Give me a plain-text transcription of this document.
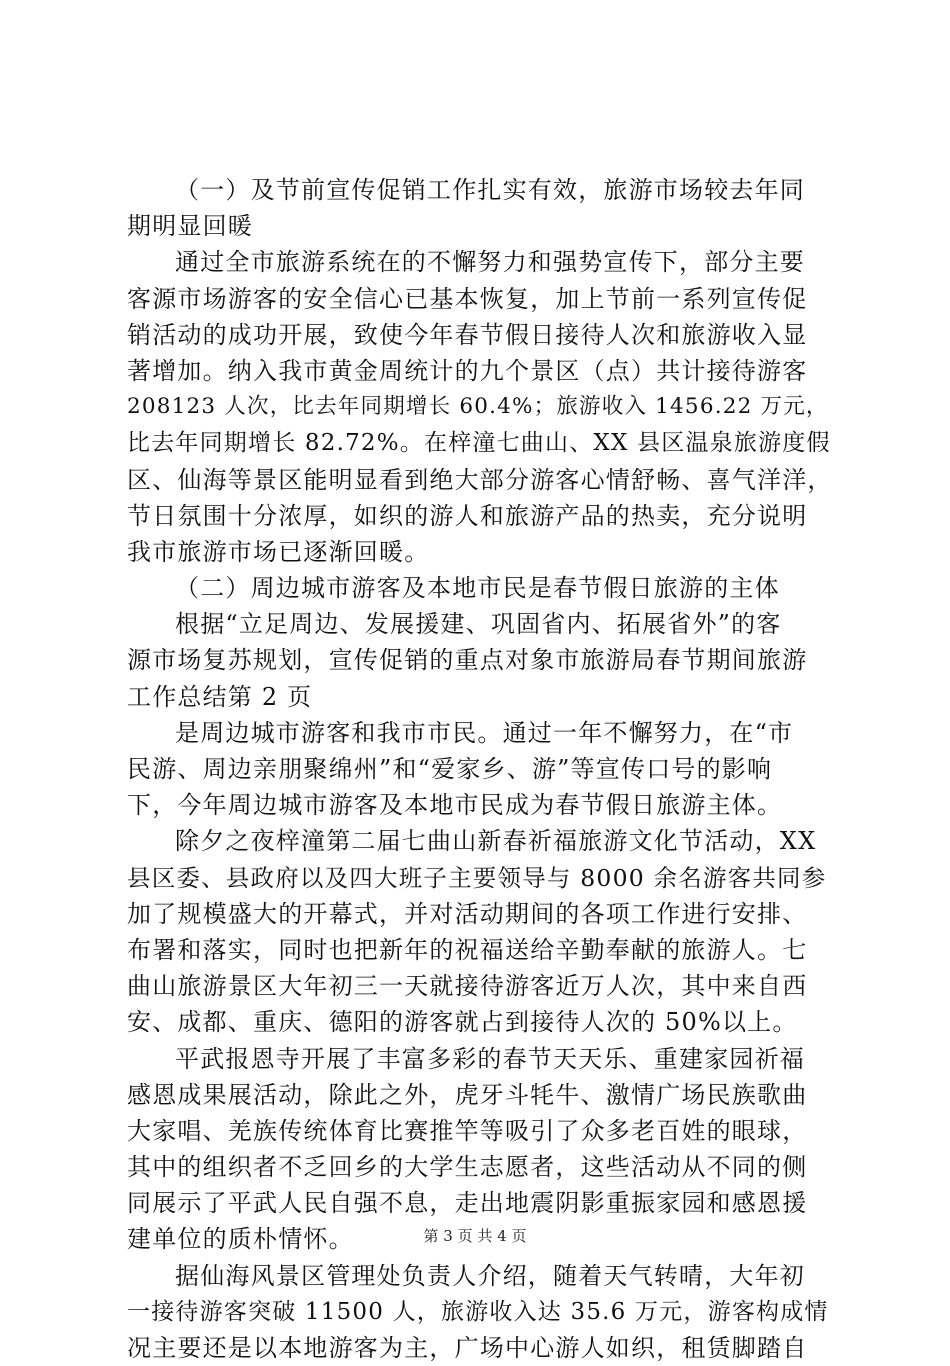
（一）及节前宣传促销工作扎实有效，旅游市场较去年同
期明显回暖
通过全市旅游系统在的不懈努力和强势宣传下，部分主要
客源市场游客的安全信心已基本恢复，加上节前一系列宣传促
销活动的成功开展，致使今年春节假日接待人次和旅游收入显
著增加。纳入我市黄金周统计的九个景区（点）共计接待游客
208123 人次，比去年同期增长 60.4%；旅游收入 1456.22 万元，
比去年同期增长 82.72%。在梓潼七曲山、XX 县区温泉旅游度假
区、仙海等景区能明显看到绝大部分游客心情舒畅、喜气洋洋，
节日氛围十分浓厚，如织的游人和旅游产品的热卖，充分说明
我市旅游市场已逐渐回暖。
（二）周边城市游客及本地市民是春节假日旅游的主体
根据“立足周边、发展援建、巩固省内、拓展省外”的客
源市场复苏规划，宣传促销的重点对象市旅游局春节期间旅游
工作总结第 2 页
是周边城市游客和我市市民。通过一年不懈努力，在“市
民游、周边亲朋聚绵州”和“爱家乡、游”等宣传口号的影响
下，今年周边城市游客及本地市民成为春节假日旅游主体。
除夕之夜梓潼第二届七曲山新春祈福旅游文化节活动，XX
县区委、县政府以及四大班子主要领导与 8000 余名游客共同参
加了规模盛大的开幕式，并对活动期间的各项工作进行安排、
布署和落实，同时也把新年的祝福送给辛勤奉献的旅游人。七
曲山旅游景区大年初三一天就接待游客近万人次，其中来自西
安、成都、重庆、德阳的游客就占到接待人次的 50%以上。
平武报恩寺开展了丰富多彩的春节天天乐、重建家园祈福
感恩成果展活动，除此之外，虎牙斗牦牛、激情广场民族歌曲
大家唱、羌族传统体育比赛推竿等吸引了众多老百姓的眼球，
其中的组织者不乏回乡的大学生志愿者，这些活动从不同的侧
同展示了平武人民自强不息，走出地震阴影重振家园和感恩援
建单位的质朴情怀。
据仙海风景区管理处负责人介绍，随着天气转晴，大年初
一接待游客突破 11500 人，旅游收入达 35.6 万元，游客构成情
况主要还是以本地游客为主，广场中心游人如织，租赁脚踏自
第 3 页 共 4 页
